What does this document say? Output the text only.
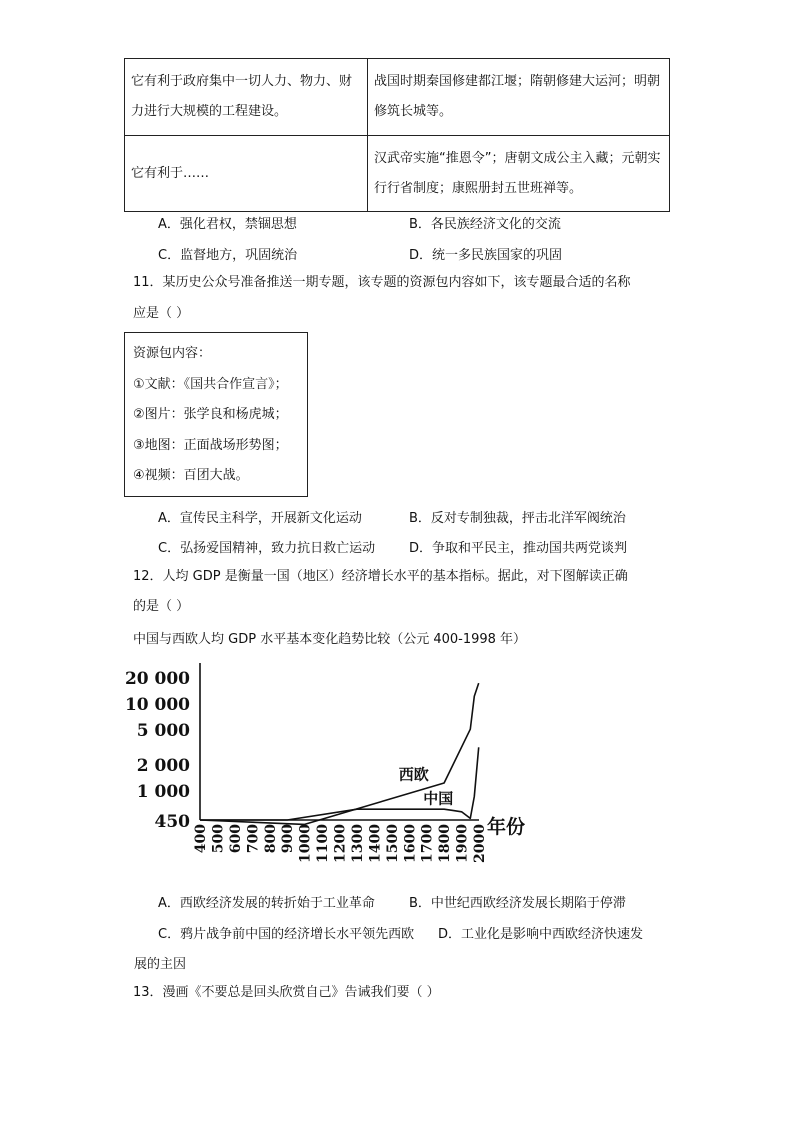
它有利于政府集中一切人力、物力、财力进行大规模的工程建设。	战国时期秦国修建都江堰；隋朝修建大运河；明朝修筑长城等。
它有利于……	汉武帝实施“推恩令”；唐朝文成公主入藏；元朝实行行省制度；康熙册封五世班禅等。
A．强化君权，禁锢思想	B．各民族经济文化的交流
C．监督地方，巩固统治	D．统一多民族国家的巩固
11．某历史公众号准备推送一期专题，该专题的资源包内容如下，该专题最合适的名称
应是（ ）
资源包内容：
①文献：《国共合作宣言》；
②图片：张学良和杨虎城；
③地图：正面战场形势图；
④视频：百团大战。
A．宣传民主科学，开展新文化运动	B．反对专制独裁，抨击北洋军阀统治
C．弘扬爱国精神，致力抗日救亡运动	D．争取和平民主，推动国共两党谈判
12．人均 GDP 是衡量一国（地区）经济增长水平的基本指标。据此，对下图解读正确
的是（ ）
中国与西欧人均 GDP 水平基本变化趋势比较（公元 400-1998 年）
450
1 000
2 000
5 000
10 000
20 000
400 500 600 700 800 900 1000 1100 1200 1300 1400 1500 1600 1700 1800 1900 2000 年份
西欧
中国
A．西欧经济发展的转折始于工业革命	B．中世纪西欧经济发展长期陷于停滞
C．鸦片战争前中国的经济增长水平领先西欧 D．工业化是影响中西欧经济快速发
展的主因
13．漫画《不要总是回头欣赏自己》告诫我们要（ ）
